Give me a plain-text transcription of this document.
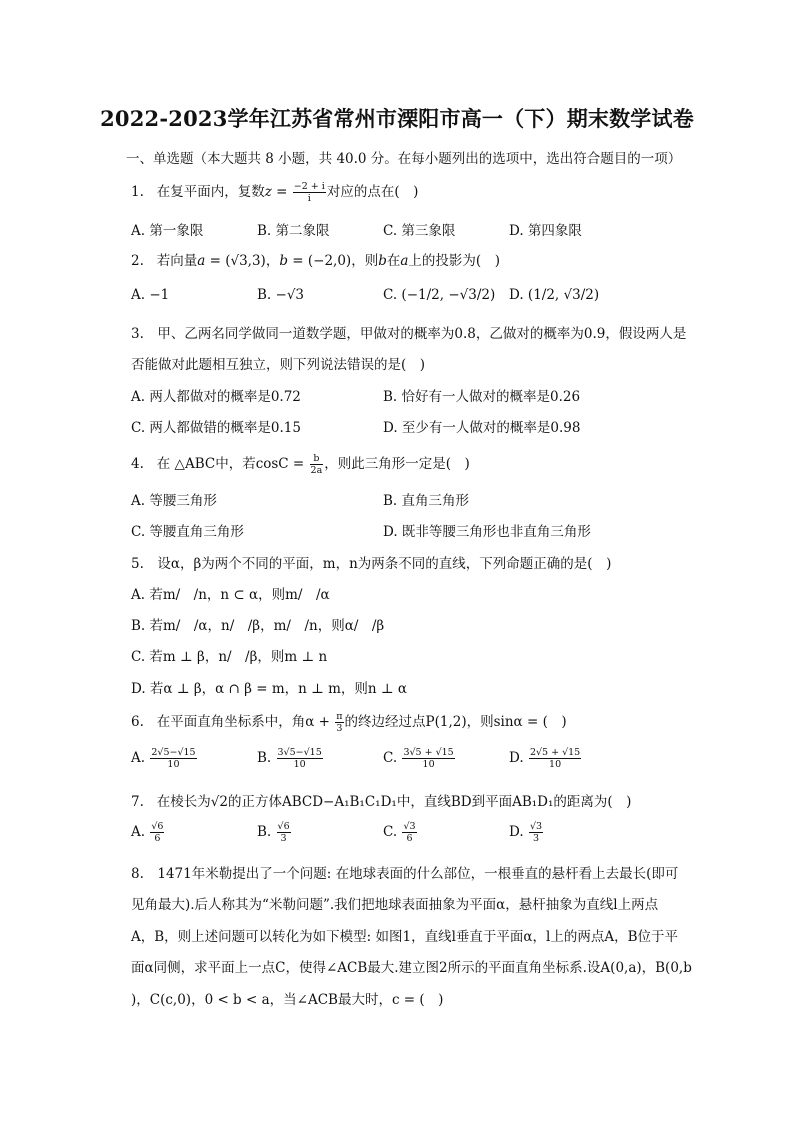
2022-2023学年江苏省常州市溧阳市高一（下）期末数学试卷
一、单选题（本大题共 8 小题，共 40.0 分。在每小题列出的选项中，选出符合题目的一项）
1. 在复平面内，复数$z = \frac{-2 + i}{i}$ 对应的点在(　)
A. 第一象限	B. 第二象限	C. 第三象限	D. 第四象限
2. 若向量a = (√3,3)，b = (−2,0)，则b在a上的投影为(　)
A. −1	B. −√3	C. (−1/2, −√3/2) D. (1/2, √3/2)
3.　甲、乙两名同学做同一道数学题，甲做对的概率为0.8，乙做对的概率为0.9，假设两人是
否能做对此题相互独立，则下列说法错误的是(　)
A. 两人都做对的概率是0.72	B. 恰好有一人做对的概率是0.26
C. 两人都做错的概率是0.15	D. 至少有一人做对的概率是0.98
4. 在 △ABC中，若$\cos C = \frac{b}{2a}$ ，则此三角形一定是(　)
A. 等腰三角形	B. 直角三角形
C. 等腰直角三角形	D. 既非等腰三角形也非直角三角形
5.　设α，β为两个不同的平面，m，n为两条不同的直线，下列命题正确的是(　)
A. 若m/　/n，n ⊂ α，则m/　/α
B. 若m/　/α，n/　/β，m/　/n，则α/　/β
C. 若m ⊥ β，n/　/β，则m ⊥ n
D. 若α ⊥ β，α ∩ β = m，n ⊥ m，则n ⊥ α
6. 在平面直角坐标系中，角$\alpha + \frac{\pi}{3}$ 的终边经过点P(1,2)，则sinα = (　)
A. $\frac{2√5-√15}{10}$	B. $\frac{3√5-√15}{10}$	C. $\frac{3√5 + √15}{10}$	D. $\frac{2√5 + √15}{10}$
7. 在棱长为√2的正方体ABCD−A₁B₁C₁D₁中，直线BD到平面AB₁D₁的距离为(　)
A. $\frac{√6}{6}$	B. $\frac{√6}{3}$	C. $\frac{√3}{6}$	D. $\frac{√3}{3}$
8.　1471年米勒提出了一个问题: 在地球表面的什么部位，一根垂直的悬杆看上去最长(即可
见角最大).后人称其为“米勒问题”.我们把地球表面抽象为平面α，悬杆抽象为直线l上两点
A，B，则上述问题可以转化为如下模型: 如图1，直线l垂直于平面α，l上的两点A，B位于平
面α同侧，求平面上一点C，使得∠ACB最大.建立图2所示的平面直角坐标系.设A(0,a)，B(0,b
)，C(c,0)，0 < b < a，当∠ACB最大时，c = (　)
